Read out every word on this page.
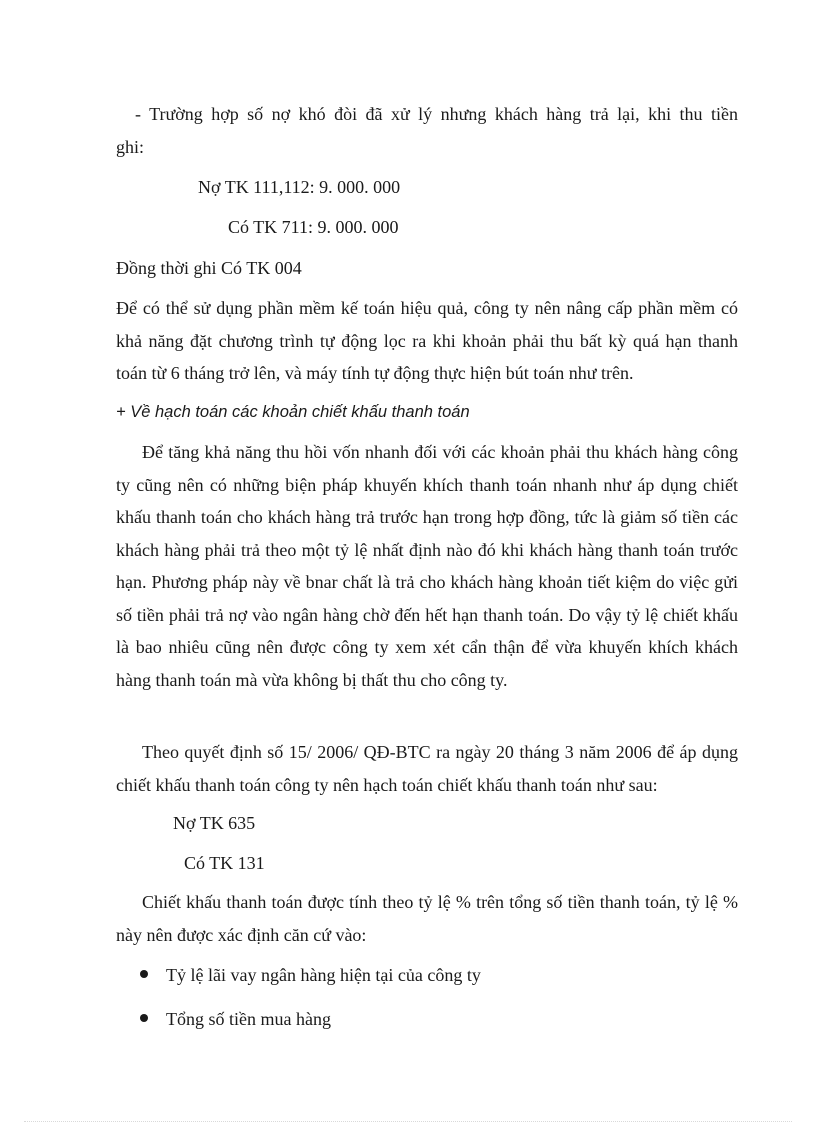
- Trường hợp số nợ khó đòi đã xử lý nhưng khách hàng trả lại, khi thu tiền
ghi:
Nợ TK 111,112: 9. 000. 000
Có TK 711: 9. 000. 000
Đồng thời ghi Có TK 004
Để có thể sử dụng phần mềm kế toán hiệu quả, công ty nên nâng cấp phần mềm có khả năng đặt chương trình tự động lọc ra khi khoản phải thu bất kỳ quá hạn thanh toán từ 6 tháng trở lên, và máy tính tự động thực hiện bút toán như trên.
+ Về hạch toán các khoản chiết khấu thanh toán
Để tăng khả năng thu hồi vốn nhanh đối với các khoản phải thu khách hàng công ty cũng nên có những biện pháp khuyến khích thanh toán nhanh như áp dụng chiết khấu thanh toán cho khách hàng trả trước hạn trong hợp đồng, tức là giảm số tiền các khách hàng phải trả theo một tỷ lệ nhất định nào đó khi khách hàng thanh toán trước hạn. Phương pháp này về bnar chất là trả cho khách hàng khoản tiết kiệm do việc gửi số tiền phải trả nợ vào ngân hàng chờ đến hết hạn thanh toán. Do vậy tỷ lệ chiết khấu là bao nhiêu cũng nên được công ty xem xét cẩn thận để vừa khuyến khích khách hàng thanh toán mà vừa không bị thất thu cho công ty.
Theo quyết định số 15/ 2006/ QĐ-BTC ra ngày 20 tháng 3 năm 2006 để áp dụng chiết khấu thanh toán công ty nên hạch toán chiết khấu thanh toán như sau:
Nợ TK 635
Có TK 131
Chiết khấu thanh toán được tính theo tỷ lệ % trên tổng số tiền thanh toán, tỷ lệ % này nên được xác định căn cứ vào:
Tỷ lệ lãi vay ngân hàng hiện tại của công ty
Tổng số tiền mua hàng
